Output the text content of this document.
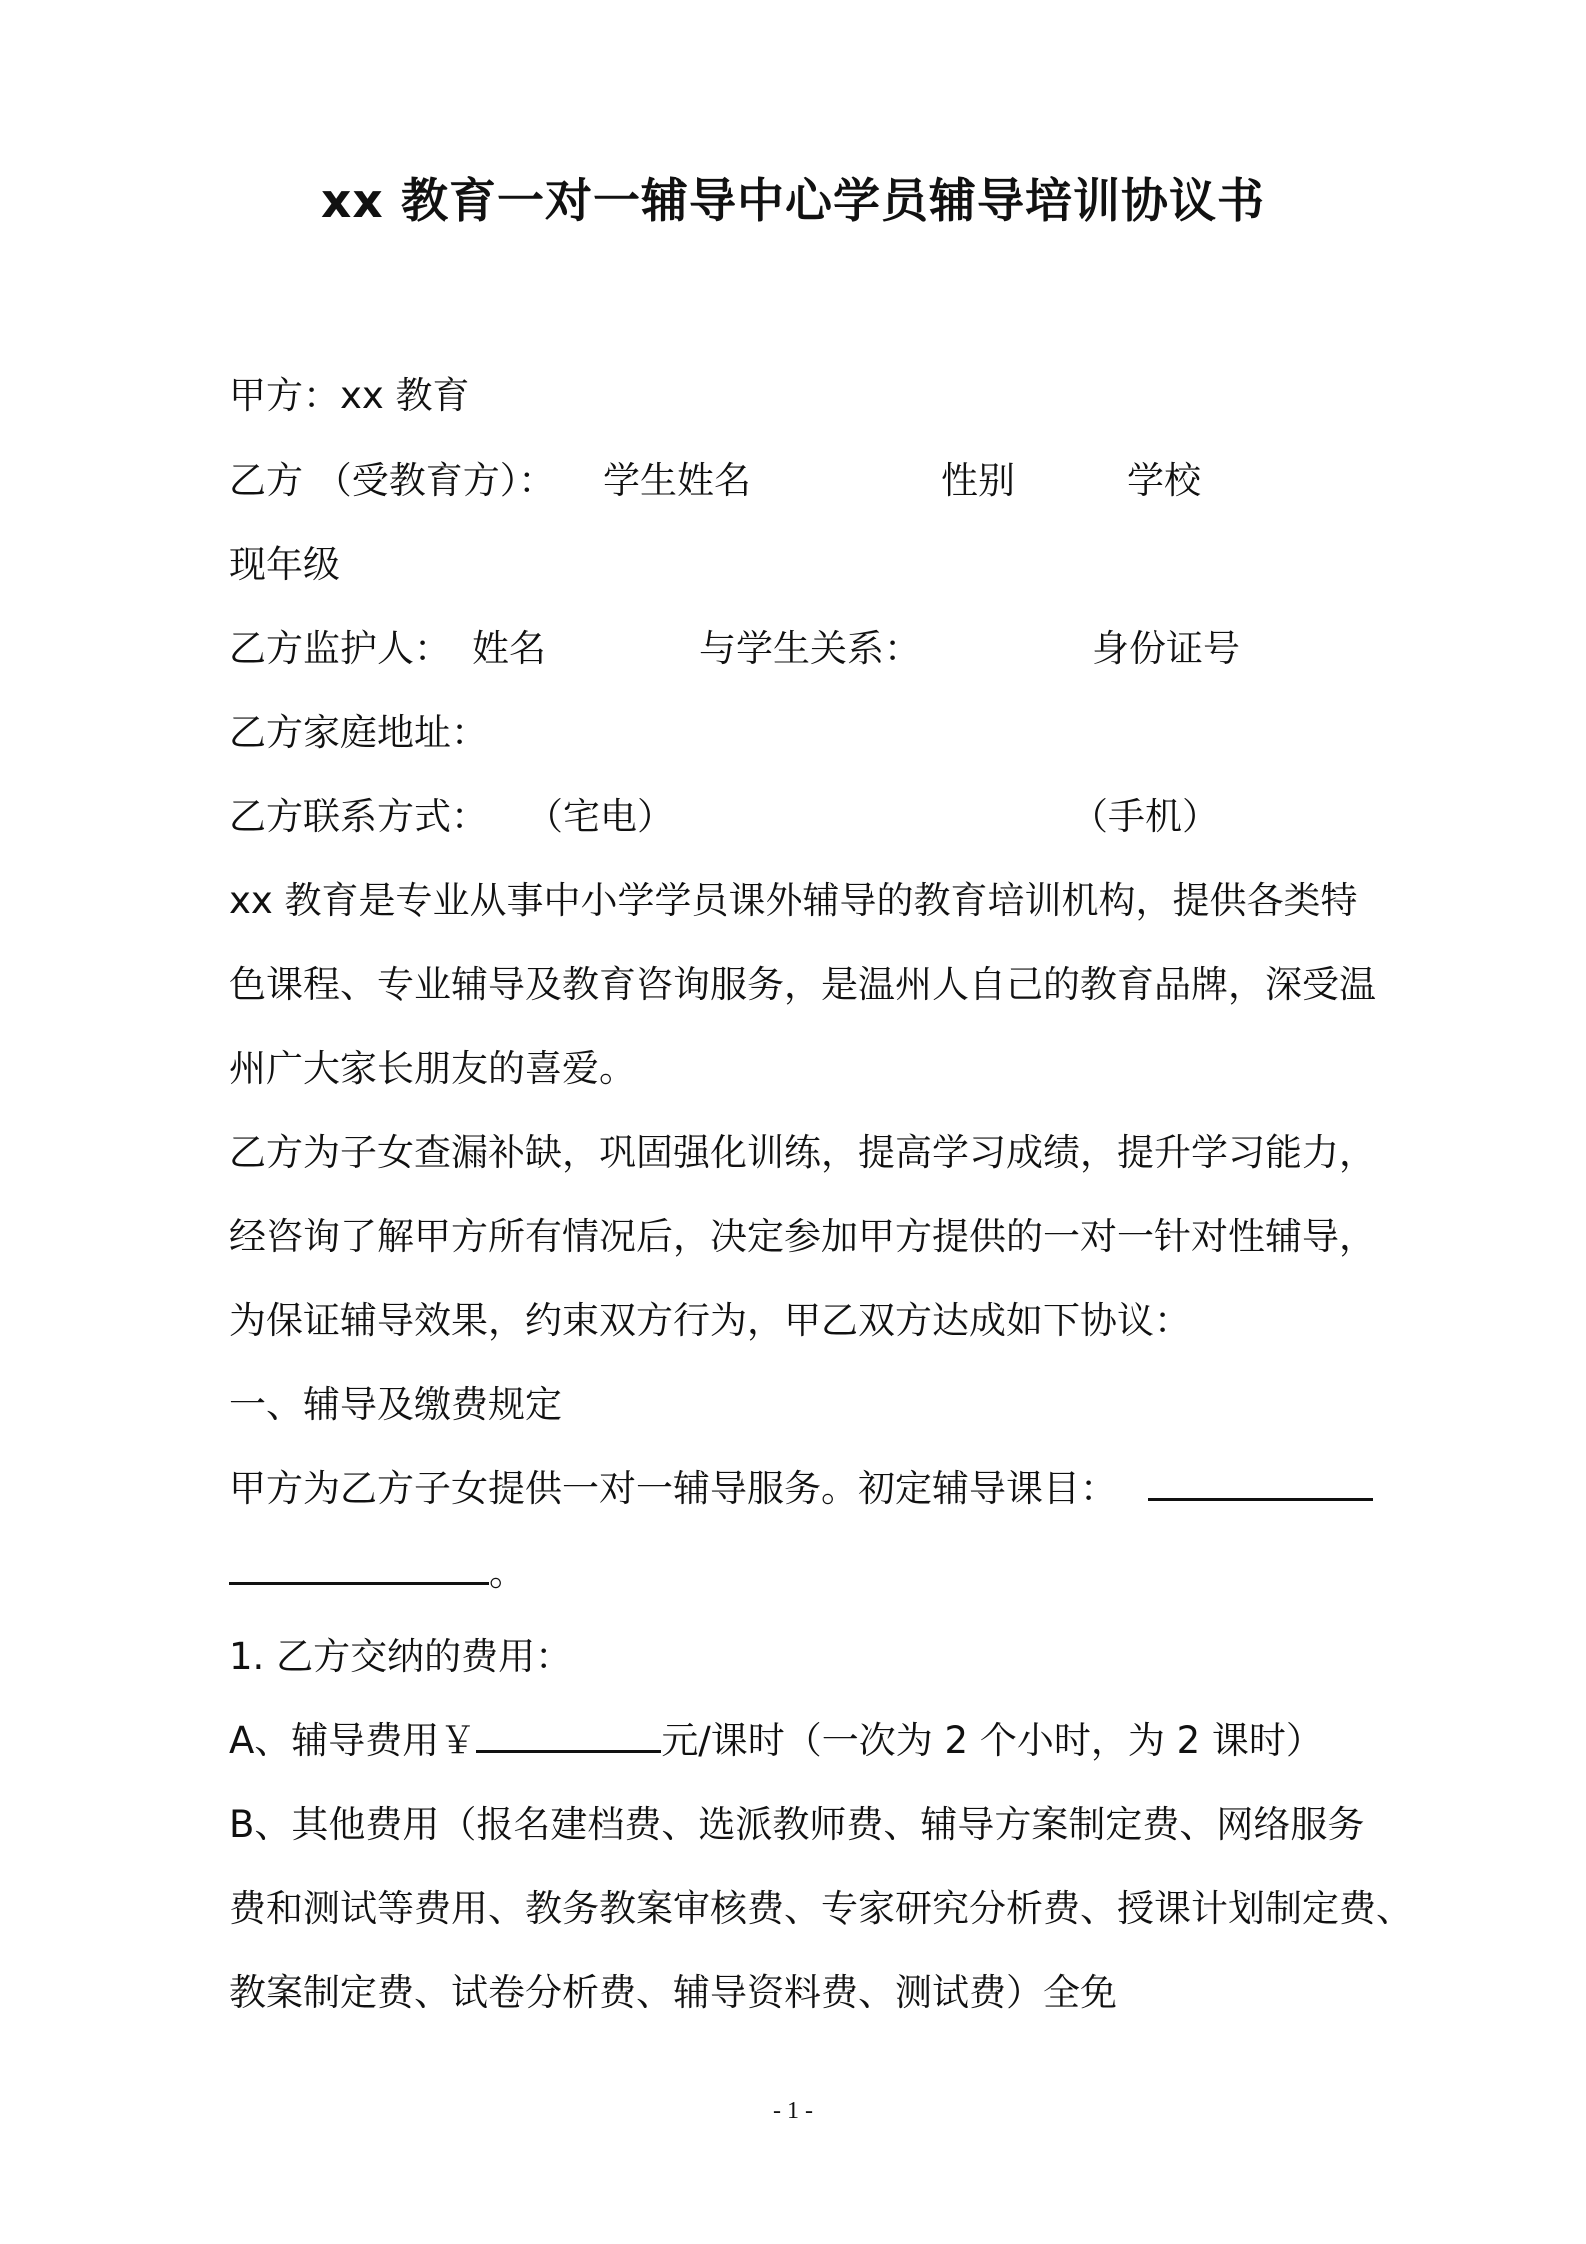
xx 教育一对一辅导中心学员辅导培训协议书
甲方：xx 教育
乙方 （受教育方）： 学生姓名	性别	学校
现年级
乙方监护人： 姓名	与学生关系：	身份证号
乙方家庭地址：
乙方联系方式： （宅电）	（手机）
xx 教育是专业从事中小学学员课外辅导的教育培训机构，提供各类特
色课程、专业辅导及教育咨询服务，是温州人自己的教育品牌，深受温
州广大家长朋友的喜爱。
乙方为子女查漏补缺，巩固强化训练，提高学习成绩，提升学习能力，
经咨询了解甲方所有情况后，决定参加甲方提供的一对一针对性辅导，
为保证辅导效果，约束双方行为，甲乙双方达成如下协议：
一、辅导及缴费规定
甲方为乙方子女提供一对一辅导服务。初定辅导课目：
。
1. 乙方交纳的费用：
A、辅导费用￥	元/课时（一次为 2 个小时，为 2 课时）
B、其他费用（报名建档费、选派教师费、辅导方案制定费、网络服务
费和测试等费用、教务教案审核费、专家研究分析费、授课计划制定费、
教案制定费、试卷分析费、辅导资料费、测试费）全免
- 1 -
